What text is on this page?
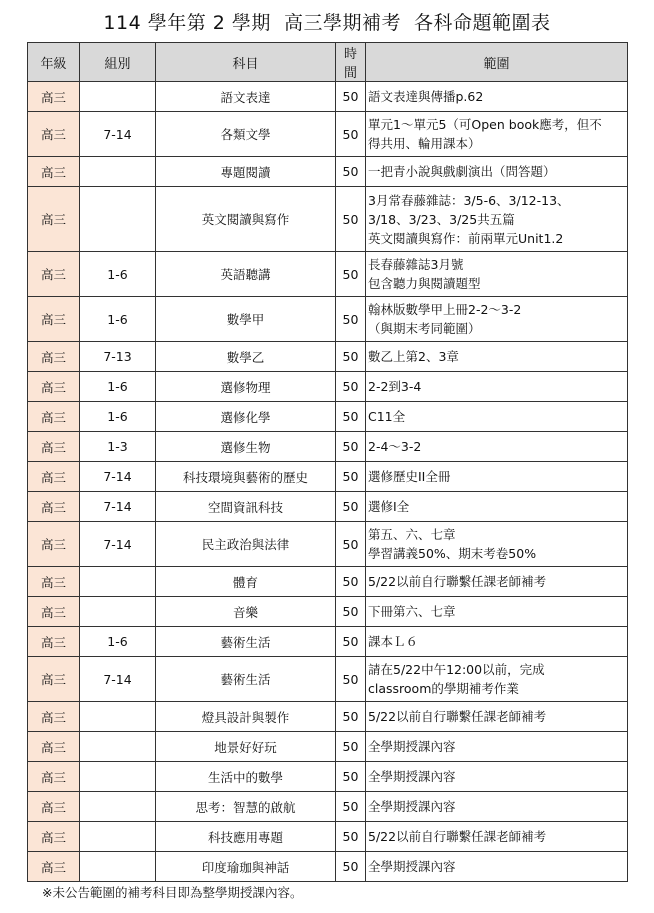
114 學年第 2 學期  高三學期補考  各科命題範圍表
年級	組別	科目	時間	範圍
高三		語文表達	50	語文表達與傳播p.62

高三	7-14	各類文學	50	單元1～單元5（可Open book應考，但不
得共用、輪用課本）

高三		專題閱讀	50	一把青小說與戲劇演出（問答題）

高三		英文閱讀與寫作	50	3月常春藤雜誌：3/5-6、3/12-13、
3/18、3/23、3/25共五篇
英文閱讀與寫作：前兩單元Unit1.2

高三	1-6	英語聽講	50	長春藤雜誌3月號
包含聽力與閱讀題型

高三	1-6	數學甲	50	翰林版數學甲上冊2-2～3-2
（與期末考同範圍）

高三	7-13	數學乙	50	數乙上第2、3章

高三	1-6	選修物理	50	2-2到3-4

高三	1-6	選修化學	50	C11全

高三	1-3	選修生物	50	2-4～3-2

高三	7-14	科技環境與藝術的歷史	50	選修歷史II全冊

高三	7-14	空間資訊科技	50	選修Ⅰ全

高三	7-14	民主政治與法律	50	第五、六、七章
學習講義50%、期末考卷50%

高三		體育	50	5/22以前自行聯繫任課老師補考

高三		音樂	50	下冊第六、七章

高三	1-6	藝術生活	50	課本Ｌ６

高三	7-14	藝術生活	50	請在5/22中午12:00以前，完成
classroom的學期補考作業

高三		燈具設計與製作	50	5/22以前自行聯繫任課老師補考

高三		地景好好玩	50	全學期授課內容

高三		生活中的數學	50	全學期授課內容

高三		思考：智慧的啟航	50	全學期授課內容

高三		科技應用專題	50	5/22以前自行聯繫任課老師補考

高三		印度瑜珈與神話	50	全學期授課內容
※未公告範圍的補考科目即為整學期授課內容。
